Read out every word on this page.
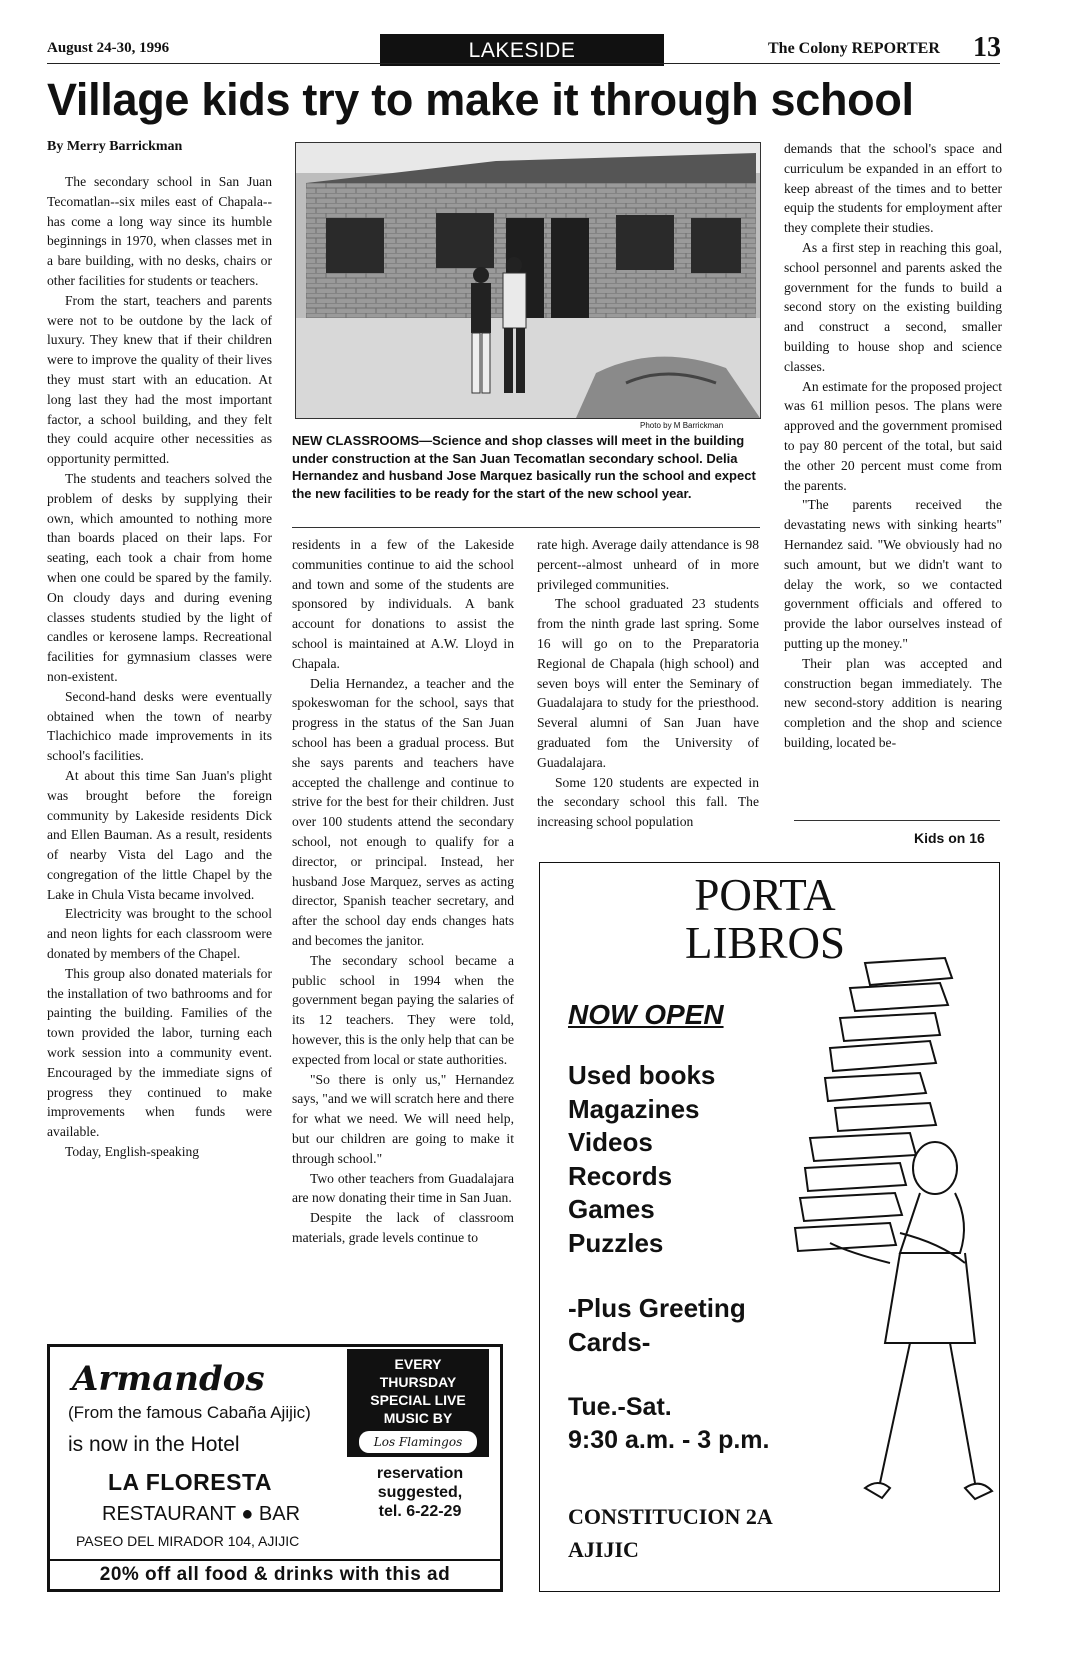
August 24-30, 1996	LAKESIDE	The Colony REPORTER 13
Village kids try to make it through school
By Merry Barrickman

The secondary school in San Juan Tecomatlan--six miles east of Chapala--has come a long way since its humble beginnings in 1970, when classes met in a bare building, with no desks, chairs or other facilities for students or teachers.

From the start, teachers and parents were not to be outdone by the lack of luxury. They knew that if their children were to improve the quality of their lives they must start with an education. At long last they had the most important factor, a school building, and they felt they could acquire other necessities as opportunity permitted.

The students and teachers solved the problem of desks by supplying their own, which amounted to nothing more than boards placed on their laps. For seating, each took a chair from home when one could be spared by the family. On cloudy days and during evening classes students studied by the light of candles or kerosene lamps. Recreational facilities for gymnasium classes were non-existent.

Second-hand desks were eventually obtained when the town of nearby Tlachichico made improvements in its school's facilities.

At about this time San Juan's plight was brought before the foreign community by Lakeside residents Dick and Ellen Bauman. As a result, residents of nearby Vista del Lago and the congregation of the little Chapel by the Lake in Chula Vista became involved.

Electricity was brought to the school and neon lights for each classroom were donated by members of the Chapel.

This group also donated materials for the installation of two bathrooms and for painting the building. Families of the town provided the labor, turning each work session into a community event. Encouraged by the immediate signs of progress they continued to make improvements when funds were available.

Today, English-speaking

Photo by M Barrickman
NEW CLASSROOMS—Science and shop classes will meet in the building under construction at the San Juan Tecomatlan secondary school. Delia Hernandez and husband Jose Marquez basically run the school and expect the new facilities to be ready for the start of the new school year.

residents in a few of the Lakeside communities continue to aid the school and town and some of the students are sponsored by individuals. A bank account for donations to assist the school is maintained at A.W. Lloyd in Chapala.

Delia Hernandez, a teacher and the spokeswoman for the school, says that progress in the status of the San Juan school has been a gradual process. But she says parents and teachers have accepted the challenge and continue to strive for the best for their children. Just over 100 students attend the secondary school, not enough to qualify for a director, or principal. Instead, her husband Jose Marquez, serves as acting director, Spanish teacher secretary, and after the school day ends changes hats and becomes the janitor.

The secondary school became a public school in 1994 when the government began paying the salaries of its 12 teachers. They were told, however, this is the only help that can be expected from local or state authorities.

"So there is only us," Hernandez says, "and we will scratch here and there for what we need. We will need help, but our children are going to make it through school."

Two other teachers from Guadalajara are now donating their time in San Juan.

Despite the lack of classroom materials, grade levels continue to

rate high. Average daily attendance is 98 percent--almost unheard of in more privileged communities.

The school graduated 23 students from the ninth grade last spring. Some 16 will go on to the Preparatoria Regional de Chapala (high school) and seven boys will enter the Seminary of Guadalajara to study for the priesthood. Several alumni of San Juan have graduated fom the University of Guadalajara.

Some 120 students are expected in the secondary school this fall. The increasing school population

demands that the school's space and curriculum be expanded in an effort to keep abreast of the times and to better equip the students for employment after they complete their studies.

As a first step in reaching this goal, school personnel and parents asked the government for the funds to build a second story on the existing building and construct a second, smaller building to house shop and science classes.

An estimate for the proposed project was 61 million pesos. The plans were approved and the government promised to pay 80 percent of the total, but said the other 20 percent must come from the parents.

"The parents received the devastating news with sinking hearts" Hernandez said. "We obviously had no such amount, but we didn't want to delay the work, so we contacted government officials and offered to provide the labor ourselves instead of putting up the money."

Their plan was accepted and construction began immediately. The new second-story addition is nearing completion and the shop and science building, located be-

Kids on 16
Armandos
(From the famous Cabaña Ajijic)
is now in the Hotel
LA FLORESTA
RESTAURANT ● BAR
PASEO DEL MIRADOR 104, AJIJIC
EVERY
THURSDAY
SPECIAL LIVE
MUSIC BY
Los Flamingos
reservation
suggested,
tel. 6-22-29
20% off all food & drinks with this ad
PORTA
LIBROS
NOW OPEN
Used books
Magazines
Videos
Records
Games
Puzzles
-Plus Greeting
Cards-
Tue.-Sat.
9:30 a.m. - 3 p.m.
CONSTITUCION 2A
AJIJIC
